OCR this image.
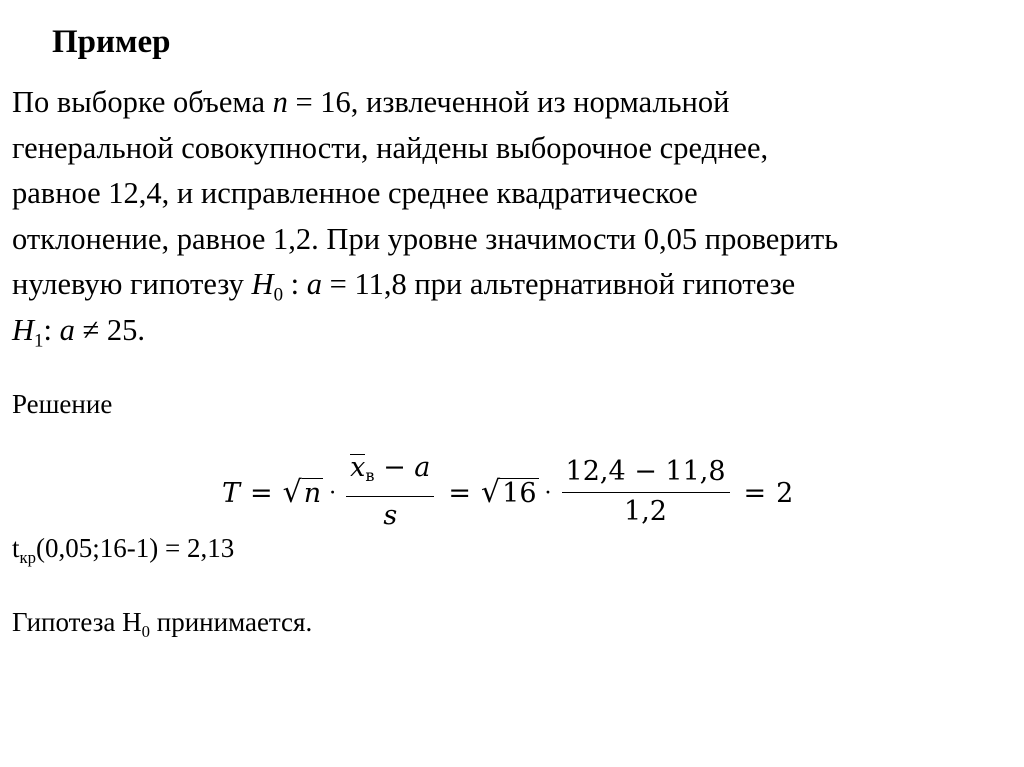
Пример
По выборке объема n = 16, извлеченной из нормальной
генеральной совокупности, найдены выборочное среднее,
равное 12,4, и исправленное среднее квадратическое
отклонение, равное 1,2. При уровне значимости 0,05 проверить
нулевую гипотезу $H_0$ : a = 11,8 при альтернативной гипотезе
$H_1$: a ≠ 25.
Решение
T = √ $n \cdot \frac{xв - a}{s}$ = √ $16 \cdot \frac{12,4 - 11,8}{1,2} = 2$
$t_{кр}(0,05;16-1) = 2,13$
Гипотеза $H_0$ принимается.
